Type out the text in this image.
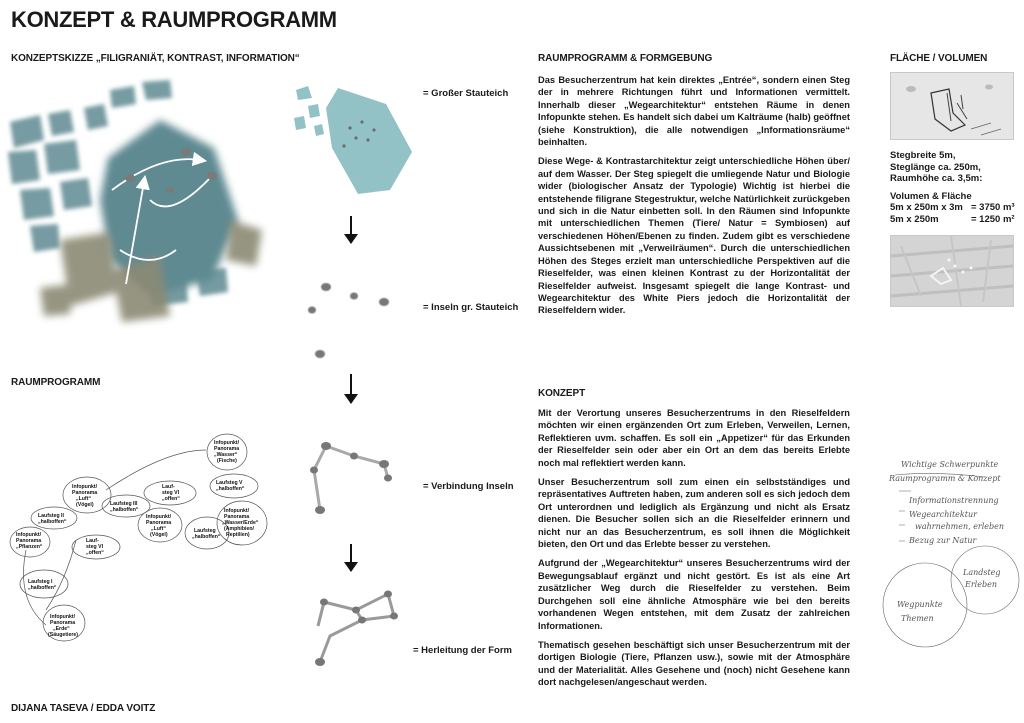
KONZEPT & RAUMPROGRAMM
KONZEPTSKIZZE „FILIGRANIÄT, KONTRAST, INFORMATION“
RAUMPROGRAMM
DIJANA TASEVA / EDDA VOITZ
Infopunkt/
Panorama
„Wasser“
(Fische)
Infopunkt/
Panorama
„Luft“
(Vögel)
Laufsteg II
„halboffen“
Laufsteg III
„halboffen“
Lauf-
steg VI
„offen“
Laufsteg V
„halboffen“
Infopunkt/
Panorama
„Pflanzen“
Lauf-
steg VI
„offen“
Infopunkt/
Panorama
„Luft“
(Vögel)
Infopunkt/
Panorama
„Wasser/Erde“
(Amphibien/
Reptilien)
Laufsteg
„halboffen“
Laufsteg I
„halboffen“
Infopunkt/
Panorama
„Erde“
(Säugetiere)
= Großer Stauteich
= Inseln gr. Stauteich
= Verbindung Inseln
= Herleitung der Form
RAUMPROGRAMM & FORMGEBUNG

Das Besucherzentrum hat kein direktes „Entrée“, sondern einen Steg der in mehrere Richtungen führt und Informationen vermittelt. Innerhalb dieser „Wegearchitektur“ entstehen Räume in denen Infopunkte stehen. Es handelt sich dabei um Kalträume (halb) geöffnet (siehe Konstruktion), die alle notwendigen „Informationsräume“ beinhalten.

Diese Wege- & Kontrastarchitektur zeigt unterschiedliche Höhen über/ auf dem Wasser. Der Steg spiegelt die umliegende Natur und Biologie wider (biologischer Ansatz der Typologie) Wichtig ist hierbei die entstehende filigrane Stegestruktur, welche Natürlichkeit zurückgeben und sich in die Natur einbetten soll. In den Räumen sind Infopunkte mit unterschiedlichen Themen (Tiere/ Natur = Symbiosen) auf verschiedenen Höhen/Ebenen zu finden. Zudem gibt es verschiedene Aussichtsebenen mit „Verweilräumen“. Durch die unterschiedlichen Höhen des Steges erzielt man unterschiedliche Perspektiven auf die Rieselfelder, was einen kleinen Kontrast zu der Horizontalität der Rieselfelder aufweist. Insgesamt spiegelt die lange Kontrast- und Wegearchitektur des White Piers jedoch die Horizontalität der Rieselfeldern wider.

KONZEPT

Mit der Verortung unseres Besucherzentrums in den Rieselfeldern möchten wir einen ergänzenden Ort zum Erleben, Verweilen, Lernen, Reflektieren uvm. schaffen. Es soll ein „Appetizer“ für das Erkunden der Rieselfelder sein oder aber ein Ort an dem das bereits Erlebte noch mal reflektiert werden kann.

Unser Besucherzentrum soll zum einen ein selbstständiges und repräsentatives Auftreten haben, zum anderen soll es sich jedoch dem Ort unterordnen und lediglich als Ergänzung und nicht als Ersatz dienen. Die Besucher sollen sich an die Rieselfelder erinnern und nicht nur an das Besucherzentrum, es soll ihnen die Möglichkeit bieten, den Ort und das Erlebte besser zu verstehen.

Aufgrund der „Wegearchitektur“ unseres Besucherzentrums wird der Bewegungsablauf ergänzt und nicht gestört. Es ist als eine Art zusätzlicher Weg durch die Rieselfelder zu verstehen. Beim Durchgehen soll eine ähnliche Atmosphäre wie bei den bereits vorhandenen Wegen entstehen, mit dem Zusatz der zahlreichen Informationen.

Thematisch gesehen beschäftigt sich unser Besucherzentrum mit der dortigen Biologie (Tiere, Pflanzen usw.), sowie mit der Atmosphäre und der Materialität. Alles Gesehene und (noch) nicht Gesehene kann dort nachgelesen/angeschaut werden.

FLÄCHE / VOLUMEN
Stegbreite 5m,
Steglänge ca. 250m,
Raumhöhe ca. 3,5m:
Volumen & Fläche
5m x 250m x 3m = 3750 m³
5m x 250m	= 1250 m²
Wichtige Schwerpunkte
Raumprogramm & Konzept
Informationstrennung
Wegearchitektur
wahrnehmen, erleben
Bezug zur Natur
Landsteg
Erleben
Wegpunkte
Themen
